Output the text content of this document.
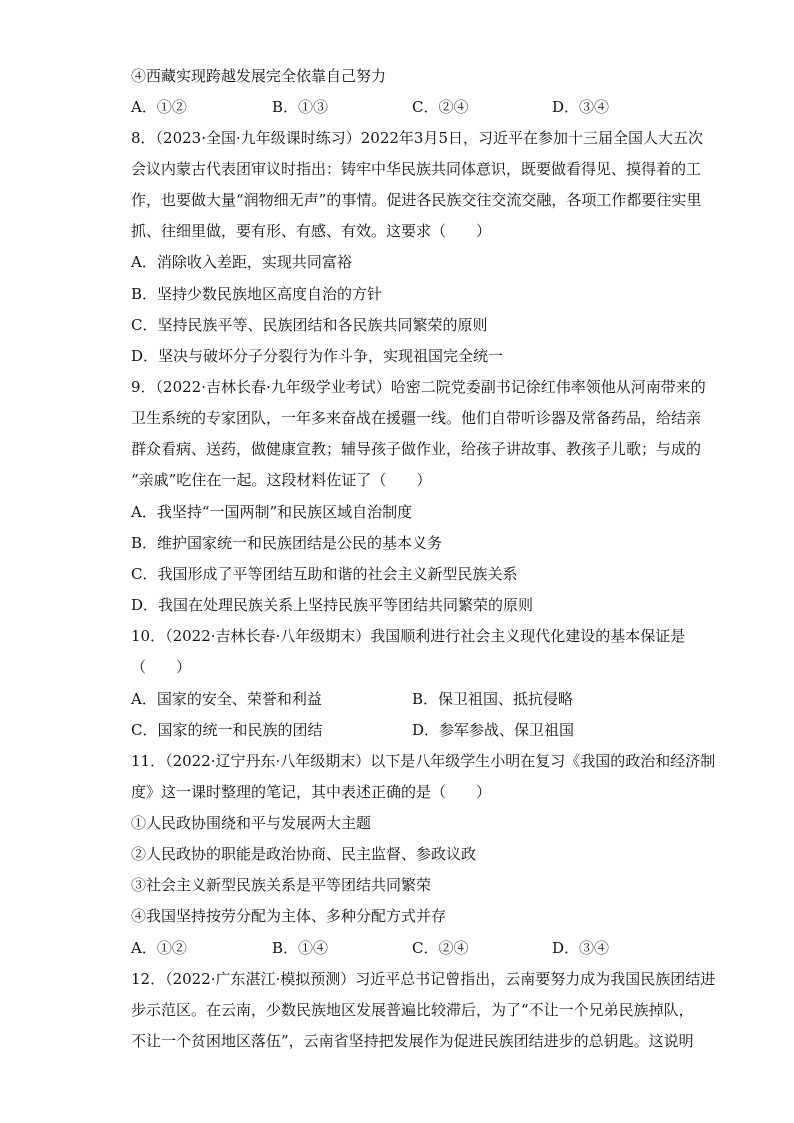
④西藏实现跨越发展完全依靠自己努力
A．①②	B．①③	C．②④	D．③④
8．（2023·全国·九年级课时练习）2022年3月5日，习近平在参加十三届全国人大五次
会议内蒙古代表团审议时指出：铸牢中华民族共同体意识，既要做看得见、摸得着的工
作，也要做大量“润物细无声”的事情。促进各民族交往交流交融，各项工作都要往实里
抓、往细里做，要有形、有感、有效。这要求（　　）
A．消除收入差距，实现共同富裕
B．坚持少数民族地区高度自治的方针
C．坚持民族平等、民族团结和各民族共同繁荣的原则
D．坚决与破坏分子分裂行为作斗争，实现祖国完全统一
9．（2022·吉林长春·九年级学业考试）哈密二院党委副书记徐红伟率领他从河南带来的
卫生系统的专家团队，一年多来奋战在援疆一线。他们自带听诊器及常备药品，给结亲
群众看病、送药，做健康宣教；辅导孩子做作业，给孩子讲故事、教孩子儿歌；与成的
“亲戚”吃住在一起。这段材料佐证了（　　）
A．我坚持“一国两制”和民族区域自治制度
B．维护国家统一和民族团结是公民的基本义务
C．我国形成了平等团结互助和谐的社会主义新型民族关系
D．我国在处理民族关系上坚持民族平等团结共同繁荣的原则
10．（2022·吉林长春·八年级期末）我国顺利进行社会主义现代化建设的基本保证是
（　　）
A．国家的安全、荣誉和利益	B．保卫祖国、抵抗侵略
C．国家的统一和民族的团结	D．参军参战、保卫祖国
11．（2022·辽宁丹东·八年级期末）以下是八年级学生小明在复习《我国的政治和经济制
度》这一课时整理的笔记，其中表述正确的是（　　）
①人民政协围绕和平与发展两大主题
②人民政协的职能是政治协商、民主监督、参政议政
③社会主义新型民族关系是平等团结共同繁荣
④我国坚持按劳分配为主体、多种分配方式并存
A．①②	B．①④	C．②④	D．③④
12．（2022·广东湛江·模拟预测）习近平总书记曾指出，云南要努力成为我国民族团结进
步示范区。在云南，少数民族地区发展普遍比较滞后，为了“不让一个兄弟民族掉队，
不让一个贫困地区落伍”，云南省坚持把发展作为促进民族团结进步的总钥匙。这说明
